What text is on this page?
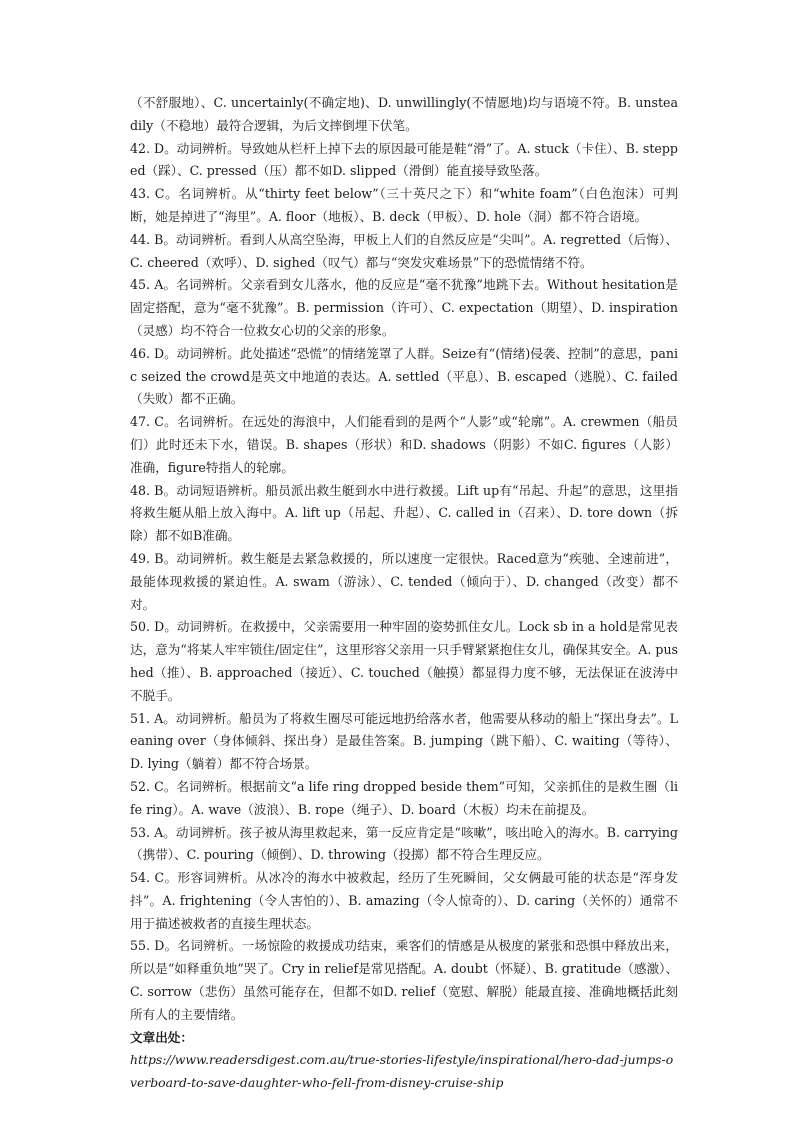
（不舒服地）、C. uncertainly(不确定地)、D. unwillingly(不情愿地)均与语境不符。B. unsteadily（不稳地）最符合逻辑，为后文摔倒埋下伏笔。

42. D。动词辨析。导致她从栏杆上掉下去的原因最可能是鞋“滑”了。A. stuck（卡住）、B. stepped（踩）、C. pressed（压）都不如D. slipped（滑倒）能直接导致坠落。

43. C。名词辨析。从“thirty feet below”（三十英尺之下）和“white foam”（白色泡沫）可判断，她是掉进了“海里”。A. floor（地板）、B. deck（甲板）、D. hole（洞）都不符合语境。

44. B。动词辨析。看到人从高空坠海，甲板上人们的自然反应是“尖叫”。A. regretted（后悔）、C. cheered（欢呼）、D. sighed（叹气）都与“突发灾难场景”下的恐慌情绪不符。

45. A。名词辨析。父亲看到女儿落水，他的反应是“毫不犹豫”地跳下去。Without hesitation是固定搭配，意为“毫不犹豫”。B. permission（许可）、C. expectation（期望）、D. inspiration（灵感）均不符合一位救女心切的父亲的形象。

46. D。动词辨析。此处描述“恐慌”的情绪笼罩了人群。Seize有“(情绪)侵袭、控制”的意思，panic seized the crowd是英文中地道的表达。A. settled（平息）、B. escaped（逃脱）、C. failed（失败）都不正确。

47. C。名词辨析。在远处的海浪中，人们能看到的是两个“人影”或“轮廓”。A. crewmen（船员们）此时还未下水，错误。B. shapes（形状）和D. shadows（阴影）不如C. figures（人影）准确，figure特指人的轮廓。

48. B。动词短语辨析。船员派出救生艇到水中进行救援。Lift up有“吊起、升起”的意思，这里指将救生艇从船上放入海中。A. lift up（吊起、升起）、C. called in（召来）、D. tore down（拆除）都不如B准确。

49. B。动词辨析。救生艇是去紧急救援的，所以速度一定很快。Raced意为“疾驰、全速前进”，最能体现救援的紧迫性。A. swam（游泳）、C. tended（倾向于）、D. changed（改变）都不对。

50. D。动词辨析。在救援中，父亲需要用一种牢固的姿势抓住女儿。Lock sb in a hold是常见表达，意为“将某人牢牢锁住/固定住”，这里形容父亲用一只手臂紧紧抱住女儿，确保其安全。A. pushed（推）、B. approached（接近）、C. touched（触摸）都显得力度不够，无法保证在波涛中不脱手。

51. A。动词辨析。船员为了将救生圈尽可能远地扔给落水者，他需要从移动的船上“探出身去”。Leaning over（身体倾斜、探出身）是最佳答案。B. jumping（跳下船）、C. waiting（等待）、D. lying（躺着）都不符合场景。

52. C。名词辨析。根据前文“a life ring dropped beside them”可知，父亲抓住的是救生圈（life ring）。A. wave（波浪）、B. rope（绳子）、D. board（木板）均未在前提及。

53. A。动词辨析。孩子被从海里救起来，第一反应肯定是“咳嗽”，咳出呛入的海水。B. carrying（携带）、C. pouring（倾倒）、D. throwing（投掷）都不符合生理反应。

54. C。形容词辨析。从冰冷的海水中被救起，经历了生死瞬间，父女俩最可能的状态是“浑身发抖”。A. frightening（令人害怕的）、B. amazing（令人惊奇的）、D. caring（关怀的）通常不用于描述被救者的直接生理状态。

55. D。名词辨析。一场惊险的救援成功结束，乘客们的情感是从极度的紧张和恐惧中释放出来，所以是“如释重负地”哭了。Cry in relief是常见搭配。A. doubt（怀疑）、B. gratitude（感激）、C. sorrow（悲伤）虽然可能存在，但都不如D. relief（宽慰、解脱）能最直接、准确地概括此刻所有人的主要情绪。

文章出处：

https://www.readersdigest.com.au/true-stories-lifestyle/inspirational/hero-dad-jumps-overboard-to-save-daughter-who-fell-from-disney-cruise-ship
